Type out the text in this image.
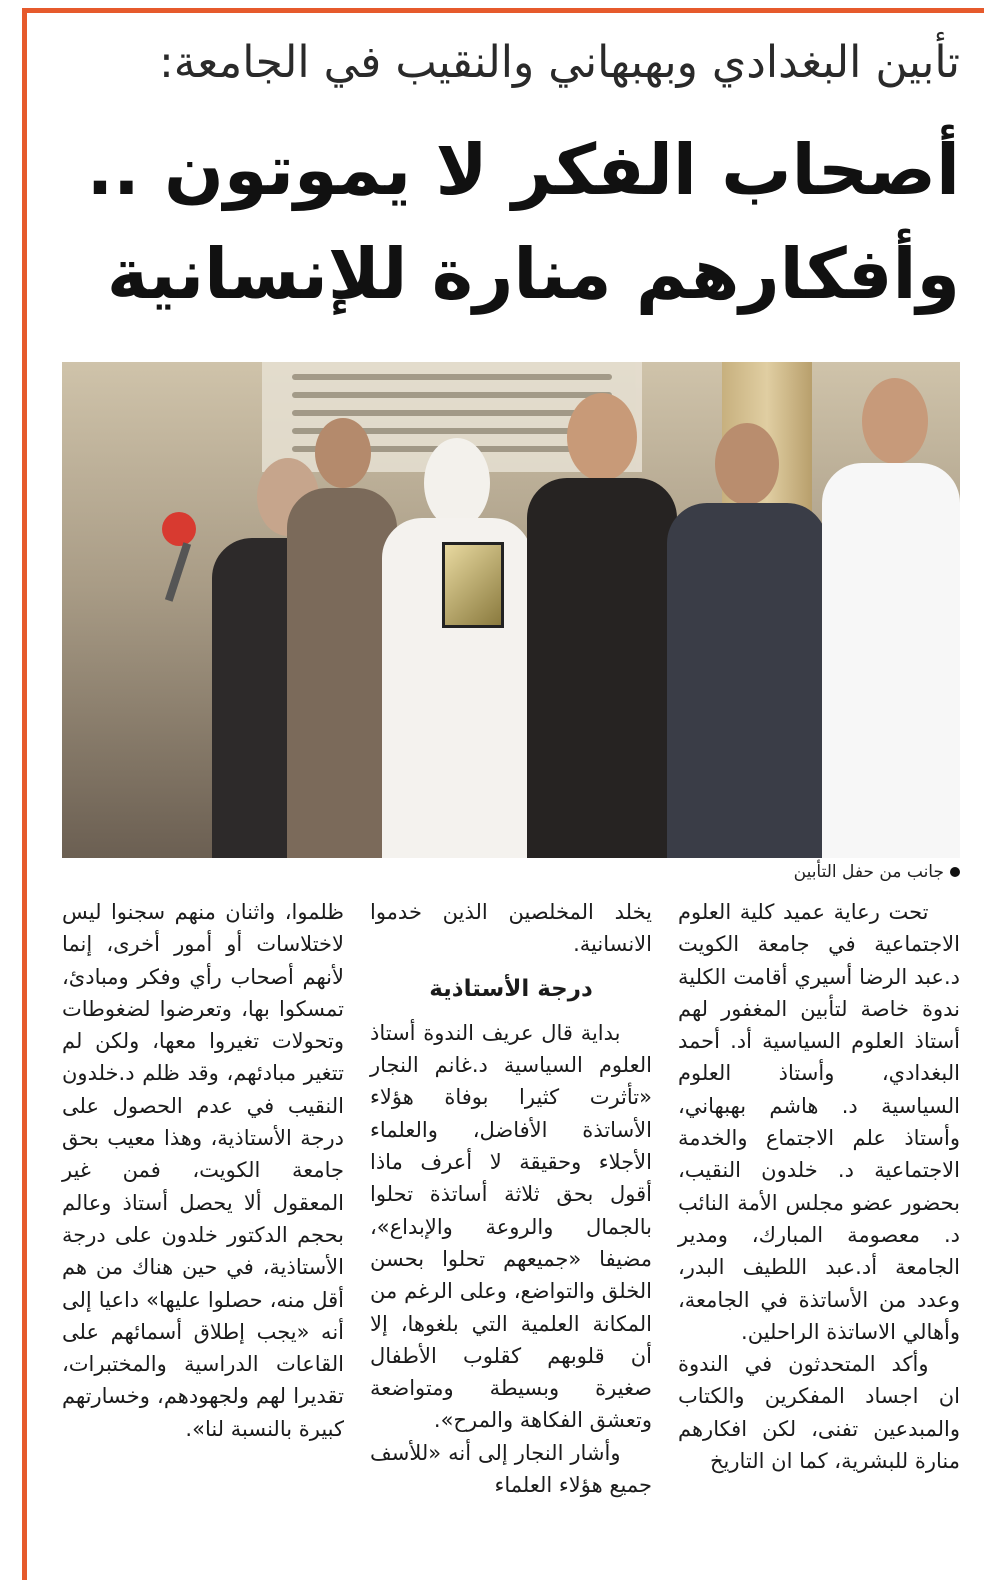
تأبين البغدادي وبهبهاني والنقيب في الجامعة:
أصحاب الفكر لا يموتون ..
وأفكارهم منارة للإنسانية
جانب من حفل التأبين

تحت رعاية عميد كلية العلوم الاجتماعية في جامعة الكويت د.عبد الرضا أسيري أقامت الكلية ندوة خاصة لتأبين المغفور لهم أستاذ العلوم السياسية أد. أحمد البغدادي، وأستاذ العلوم السياسية د. هاشم بهبهاني، وأستاذ علم الاجتماع والخدمة الاجتماعية د. خلدون النقيب، بحضور عضو مجلس الأمة النائب د. معصومة المبارك، ومدير الجامعة أد.عبد اللطيف البدر، وعدد من الأساتذة في الجامعة، وأهالي الاساتذة الراحلين.

وأكد المتحدثون في الندوة ان اجساد المفكرين والكتاب والمبدعين تفنى، لكن افكارهم منارة للبشرية، كما ان التاريخ

يخلد المخلصين الذين خدموا الانسانية.

درجة الأستاذية

بداية قال عريف الندوة أستاذ العلوم السياسية د.غانم النجار «تأثرت كثيرا بوفاة هؤلاء الأساتذة الأفاضل، والعلماء الأجلاء وحقيقة لا أعرف ماذا أقول بحق ثلاثة أساتذة تحلوا بالجمال والروعة والإبداع»، مضيفا «جميعهم تحلوا بحسن الخلق والتواضع، وعلى الرغم من المكانة العلمية التي بلغوها، إلا أن قلوبهم كقلوب الأطفال صغيرة وبسيطة ومتواضعة وتعشق الفكاهة والمرح».

وأشار النجار إلى أنه «للأسف جميع هؤلاء العلماء

ظلموا، واثنان منهم سجنوا ليس لاختلاسات أو أمور أخرى، إنما لأنهم أصحاب رأي وفكر ومبادئ، تمسكوا بها، وتعرضوا لضغوطات وتحولات تغيروا معها، ولكن لم تتغير مبادئهم، وقد ظلم د.خلدون النقيب في عدم الحصول على درجة الأستاذية، وهذا معيب بحق جامعة الكويت، فمن غير المعقول ألا يحصل أستاذ وعالم بحجم الدكتور خلدون على درجة الأستاذية، في حين هناك من هم أقل منه، حصلوا عليها» داعيا إلى أنه «يجب إطلاق أسمائهم على القاعات الدراسية والمختبرات، تقديرا لهم ولجهودهم، وخسارتهم كبيرة بالنسبة لنا».
